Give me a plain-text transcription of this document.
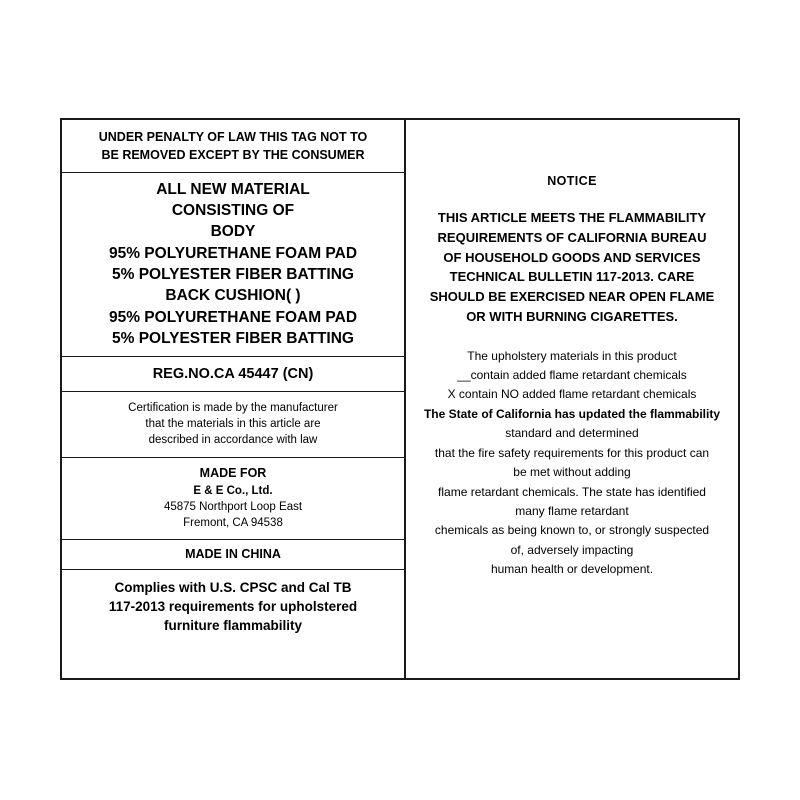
UNDER PENALTY OF LAW THIS TAG NOT TO
BE REMOVED EXCEPT BY THE CONSUMER
ALL NEW MATERIAL
CONSISTING OF
BODY
95% POLYURETHANE FOAM PAD
5% POLYESTER FIBER BATTING
BACK CUSHION( )
95% POLYURETHANE FOAM PAD
5% POLYESTER FIBER BATTING
REG.NO.CA 45447 (CN)
Certification is made by the manufacturer
that the materials in this article are
described in accordance with law
MADE FOR
E & E Co., Ltd.
45875 Northport Loop East
Fremont, CA 94538
MADE IN CHINA
Complies with U.S. CPSC and Cal TB
117-2013 requirements for upholstered
furniture flammability
NOTICE
THIS ARTICLE MEETS THE FLAMMABILITY
REQUIREMENTS OF CALIFORNIA BUREAU
OF HOUSEHOLD GOODS AND SERVICES
TECHNICAL BULLETIN 117-2013. CARE
SHOULD BE EXERCISED NEAR OPEN FLAME
OR WITH BURNING CIGARETTES.
The upholstery materials in this product
__contain added flame retardant chemicals
X contain NO added flame retardant chemicals
The State of California has updated the flammability
standard and determined
that the fire safety requirements for this product can
be met without adding
flame retardant chemicals. The state has identified
many flame retardant
chemicals as being known to, or strongly suspected
of, adversely impacting
human health or development.
